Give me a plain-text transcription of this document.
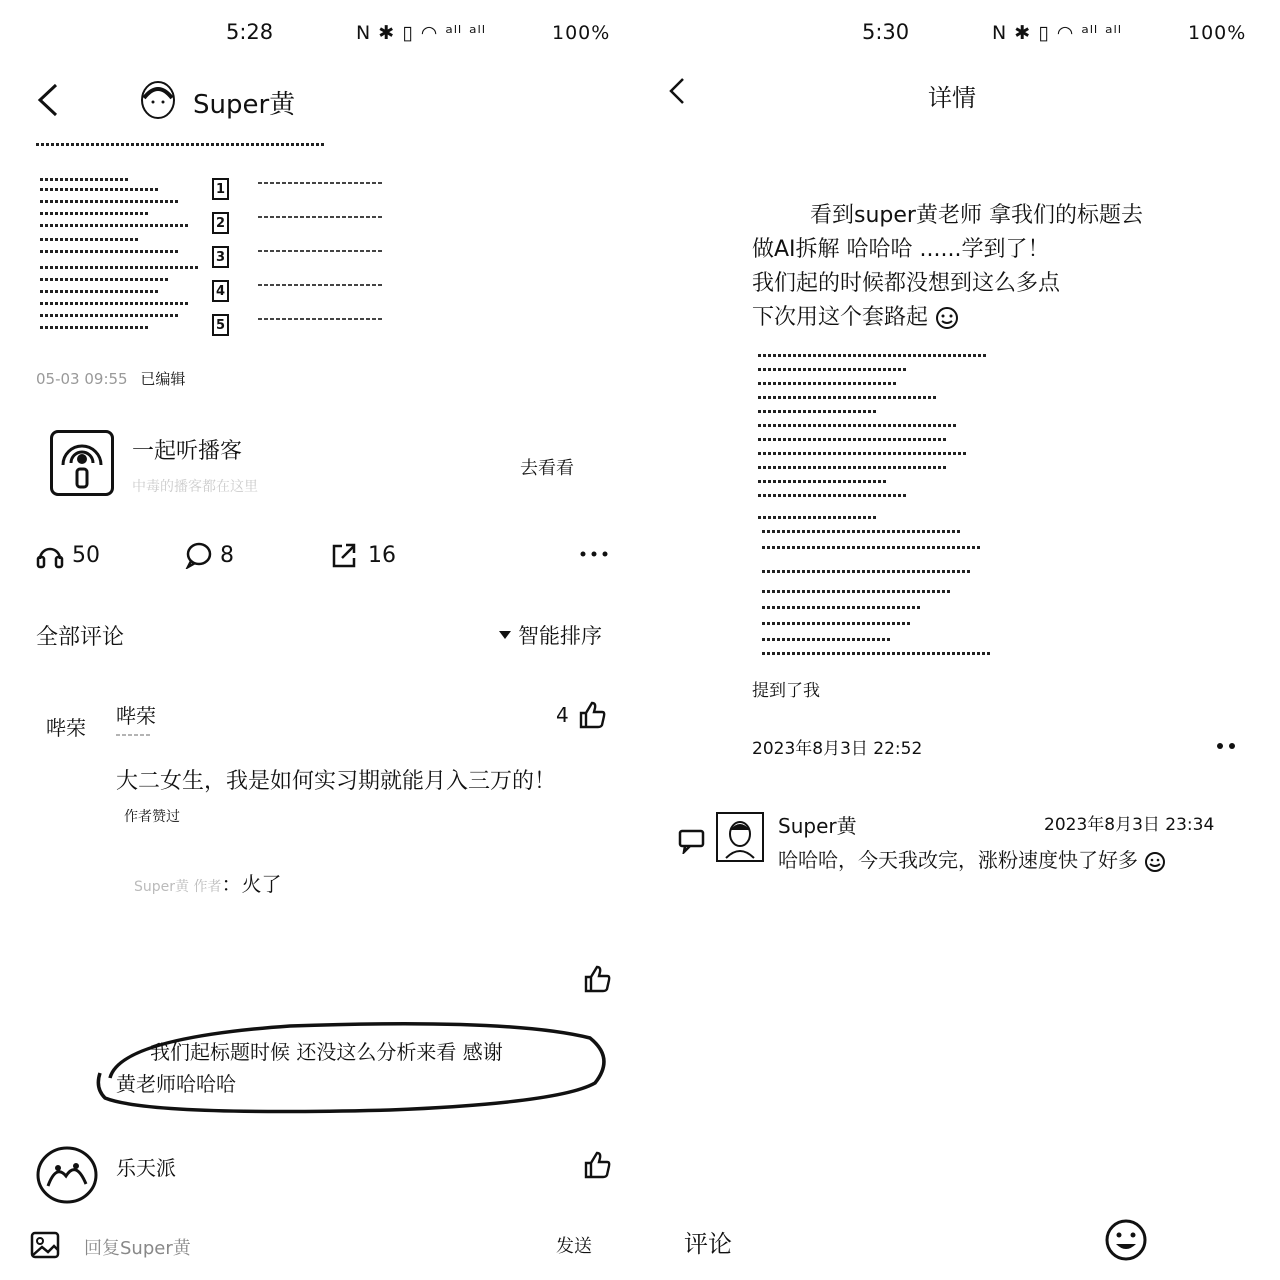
5:28	N ✱ ▯ ◠ ᵃˡˡ ᵃˡˡ	100%
Super黄
1
2
3
4
5
05-03 09:55 已编辑
一起听播客
中毒的播客都在这里
去看看
50	8	16
全部评论	智能排序
哔荣 哔荣	4
大二女生，我是如何实习期就能月入三万的！
作者赞过
Super黄 作者：火了
我们起标题时候 还没这么分析来看 感谢
黄老师哈哈哈
乐天派
回复Super黄	发送
5:30	N ✱ ▯ ◠ ᵃˡˡ ᵃˡˡ	100%
详情
看到super黄老师 拿我们的标题去
做AI拆解 哈哈哈 ......学到了！
我们起的时候都没想到这么多点
下次用这个套路起
提到了我
2023年8月3日 22:52
Super黄	2023年8月3日 23:34
哈哈哈，今天我改完，涨粉速度快了好多
评论
